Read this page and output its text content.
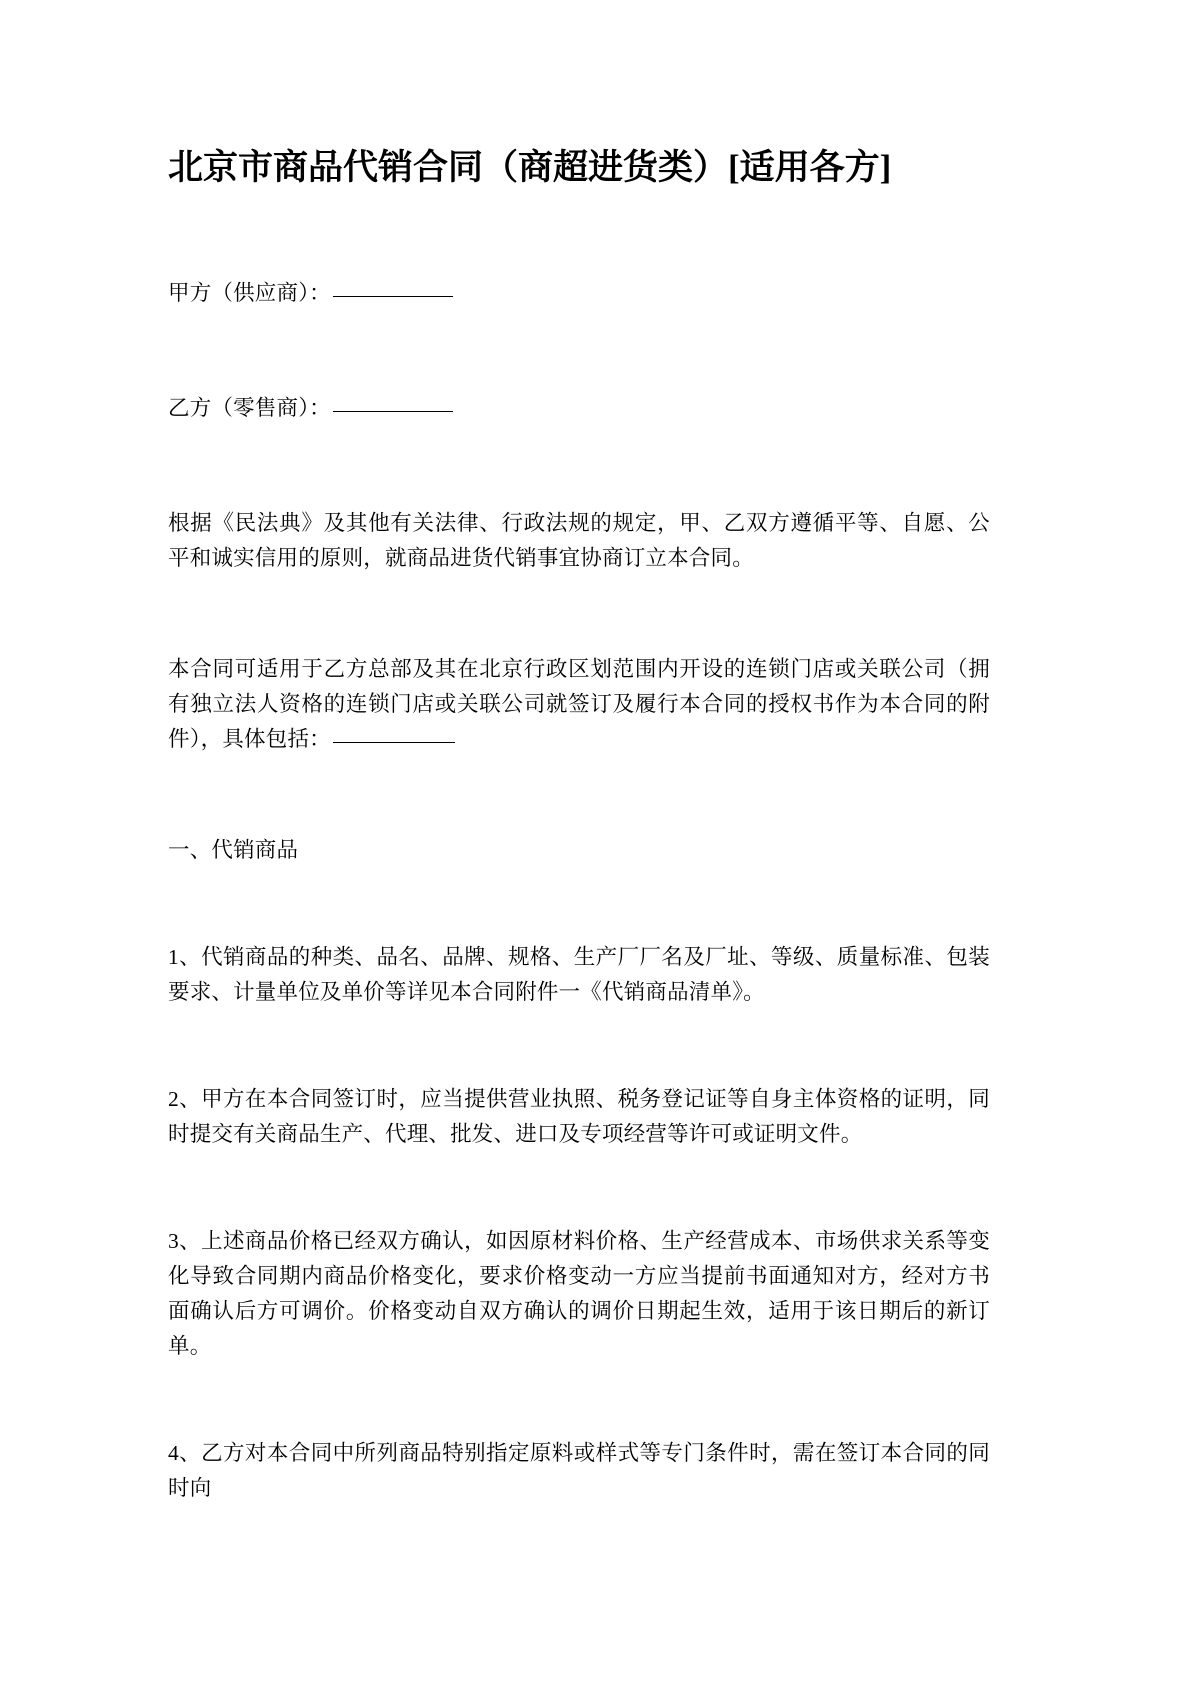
北京市商品代销合同（商超进货类）[适用各方]

甲方（供应商）：

乙方（零售商）：

根据《民法典》及其他有关法律、行政法规的规定，甲、乙双方遵循平等、自愿、公平和诚实信用的原则，就商品进货代销事宜协商订立本合同。

本合同可适用于乙方总部及其在北京行政区划范围内开设的连锁门店或关联公司（拥有独立法人资格的连锁门店或关联公司就签订及履行本合同的授权书作为本合同的附件），具体包括：

一、代销商品

1、代销商品的种类、品名、品牌、规格、生产厂厂名及厂址、等级、质量标准、包装要求、计量单位及单价等详见本合同附件一《代销商品清单》。

2、甲方在本合同签订时，应当提供营业执照、税务登记证等自身主体资格的证明，同时提交有关商品生产、代理、批发、进口及专项经营等许可或证明文件。

3、上述商品价格已经双方确认，如因原材料价格、生产经营成本、市场供求关系等变化导致合同期内商品价格变化，要求价格变动一方应当提前书面通知对方，经对方书面确认后方可调价。价格变动自双方确认的调价日期起生效，适用于该日期后的新订单。

4、乙方对本合同中所列商品特别指定原料或样式等专门条件时，需在签订本合同的同时向
